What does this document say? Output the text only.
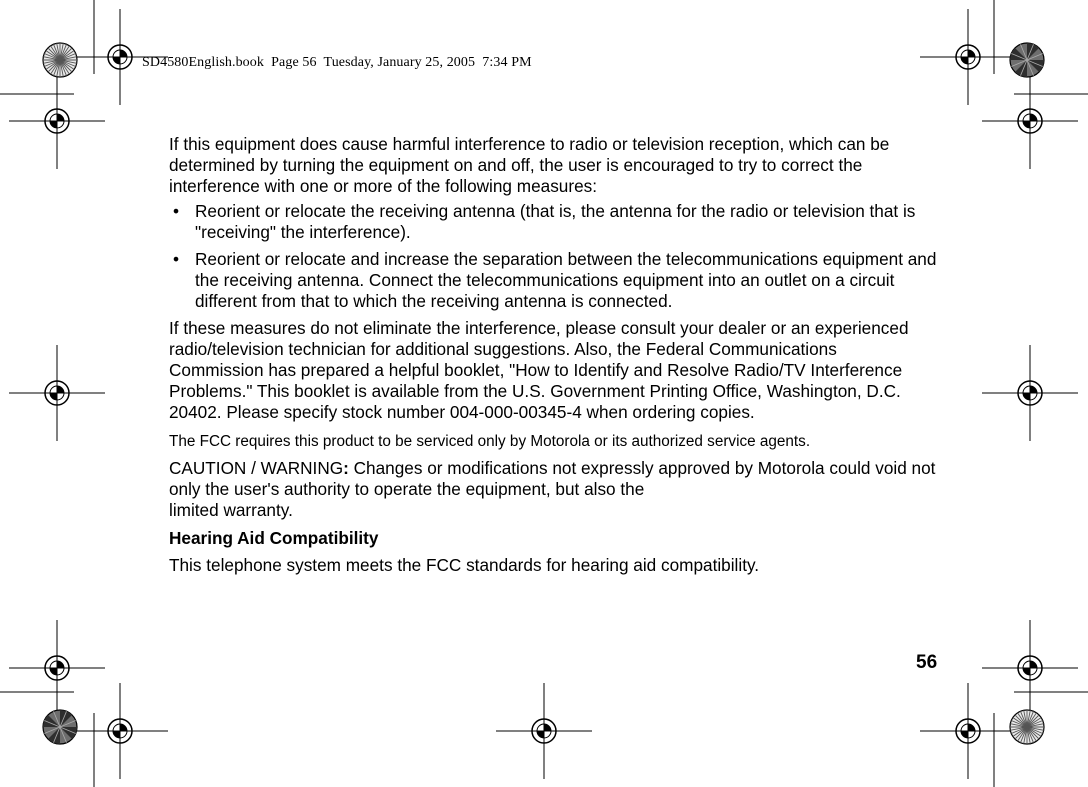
SD4580English.book  Page 56  Tuesday, January 25, 2005  7:34 PM

If this equipment does cause harmful interference to radio or television reception, which can be determined by turning the equipment on and off, the user is encouraged to try to correct the interference with one or more of the following measures:

• Reorient or relocate the receiving antenna (that is, the antenna for the radio or television that is "receiving" the interference).
• Reorient or relocate and increase the separation between the telecommunications equipment and the receiving antenna. Connect the telecommunications equipment into an outlet on a circuit different from that to which the receiving antenna is connected.

If these measures do not eliminate the interference, please consult your dealer or an experienced radio/television technician for additional suggestions. Also, the Federal Communications Commission has prepared a helpful booklet, "How to Identify and Resolve Radio/TV Interference Problems." This booklet is available from the U.S. Government Printing Office, Washington, D.C. 20402. Please specify stock number 004-000-00345-4 when ordering copies.

The FCC requires this product to be serviced only by Motorola or its authorized service agents.

CAUTION / WARNING: Changes or modifications not expressly approved by Motorola could void not only the user's authority to operate the equipment, but also the
limited warranty.

Hearing Aid Compatibility

This telephone system meets the FCC standards for hearing aid compatibility.

56
